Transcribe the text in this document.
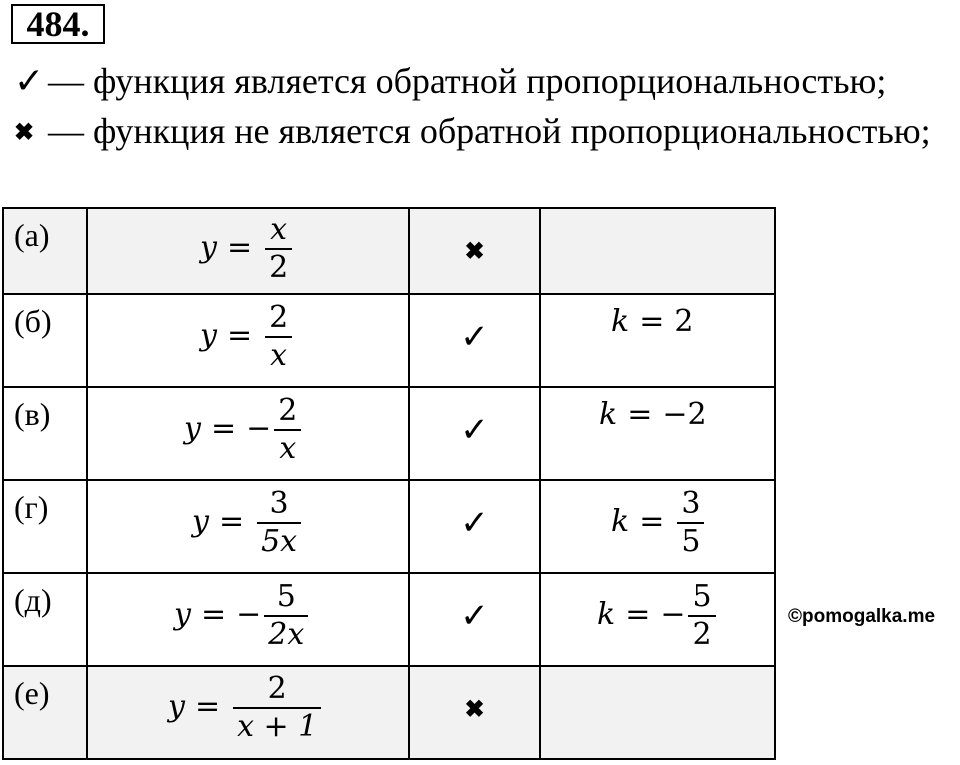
484.
✓ — функция является обратной пропорциональностью;
✖ — функция не является обратной пропорциональностью;
(а)	$y = \frac{x}{2}$	✖	

(б)	$y = \frac{2}{x}$	✓	k = 2

(в)	y = − $\frac{2}{x}$	✓	k = −2

(г)	$y = \frac{3}{5x}$	✓	$k = \frac{3}{5}$

(д)	y = − $\frac{5}{2x}$	✓	k = − $\frac{5}{2}$

(е)	$y = \frac{2}{x + 1}$	✖	

©pomogalka.me
